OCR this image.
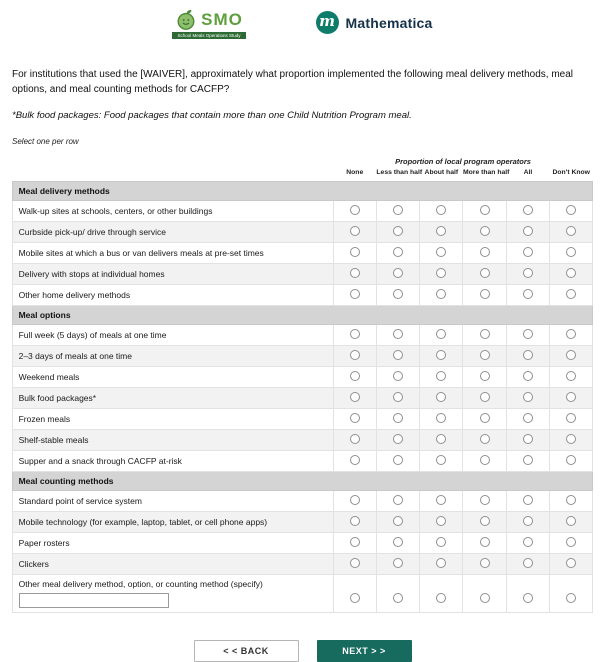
SMO
School Meals Operations Study
m Mathematica
For institutions that used the [WAIVER], approximately what proportion implemented the following meal delivery methods, meal options, and meal counting methods for CACFP?
*Bulk food packages: Food packages that contain more than one Child Nutrition Program meal.
Select one per row
	Proportion of local program operators					
	None	Less than half	About half	More than half	All	Don't Know
Meal delivery methods						
Walk-up sites at schools, centers, or other buildings						
Curbside pick-up/ drive through service						
Mobile sites at which a bus or van delivers meals at pre-set times						
Delivery with stops at individual homes						
Other home delivery methods						
Meal options						
Full week (5 days) of meals at one time						
2–3 days of meals at one time						
Weekend meals						
Bulk food packages*						
Frozen meals						
Shelf-stable meals						
Supper and a snack through CACFP at-risk						
Meal counting methods						
Standard point of service system						
Mobile technology (for example, laptop, tablet, or cell phone apps)						
Paper rosters						
Clickers						
Other meal delivery method, option, or counting method (specify)

< < BACK	NEXT > >
